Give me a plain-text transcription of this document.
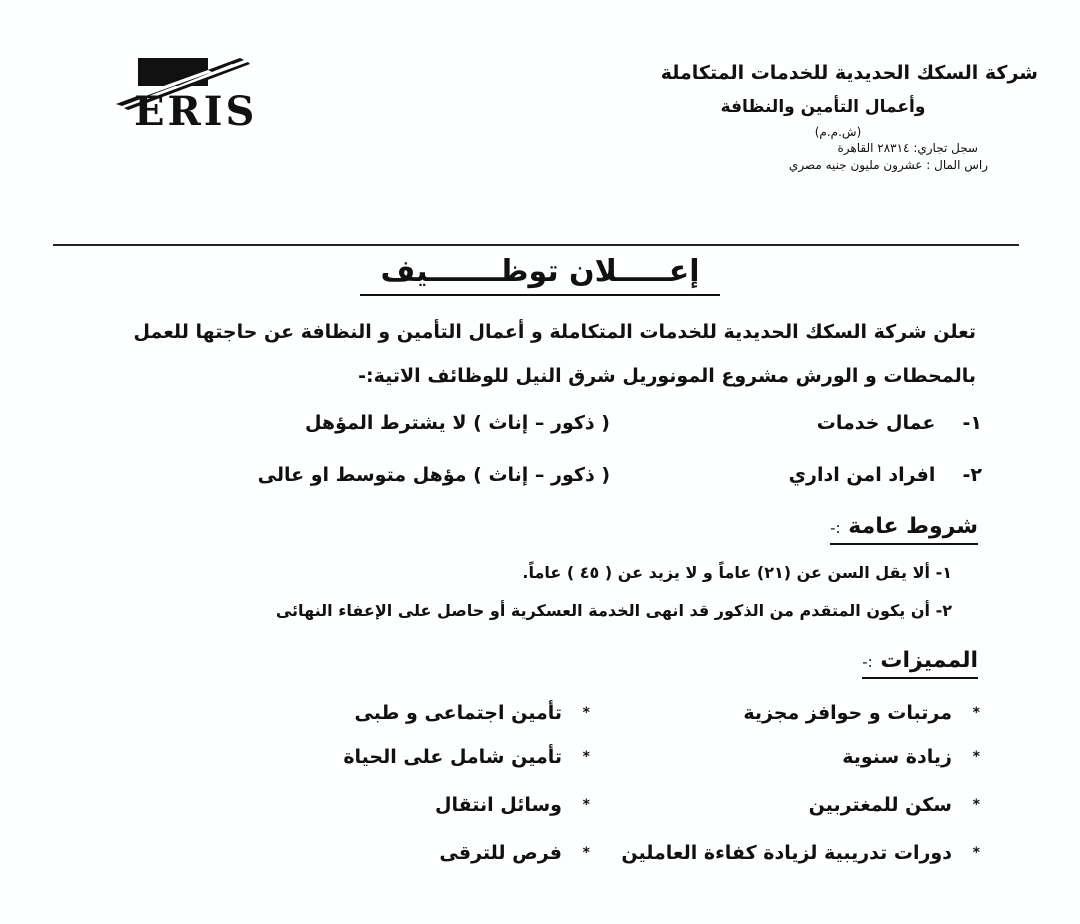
ERIS
شركة السكك الحديدية للخدمات المتكاملة
وأعمال التأمين والنظافة
(ش.م.م)
سجل تجاري: ٢٨٣١٤ القاهرة
راس المال : عشرون مليون جنيه مصري
إعـــــلان توظـــــــيف
تعلن شركة السكك الحديدية للخدمات المتكاملة و أعمال التأمين و النظافة عن حاجتها للعمل
بالمحطات و الورش مشروع المونوريل شرق النيل للوظائف الاتية:-
١- عمال خدمات
( ذكور – إناث ) لا يشترط المؤهل
٢- افراد امن اداري
( ذكور – إناث ) مؤهل متوسط او عالى
شروط عامة :-
١- ألا يقل السن عن (٢١) عاماً و لا يزيد عن ( ٤٥ ) عاماً.
٢- أن يكون المتقدم من الذكور قد انهى الخدمة العسكرية أو حاصل على الإعفاء النهائى
المميزات :-
*مرتبات و حوافز مجزية
*تأمين اجتماعى و طبى
*زيادة سنوية
*تأمين شامل على الحياة
*سكن للمغتربين
*وسائل انتقال
*دورات تدريبية لزيادة كفاءة العاملين
*فرص للترقى
